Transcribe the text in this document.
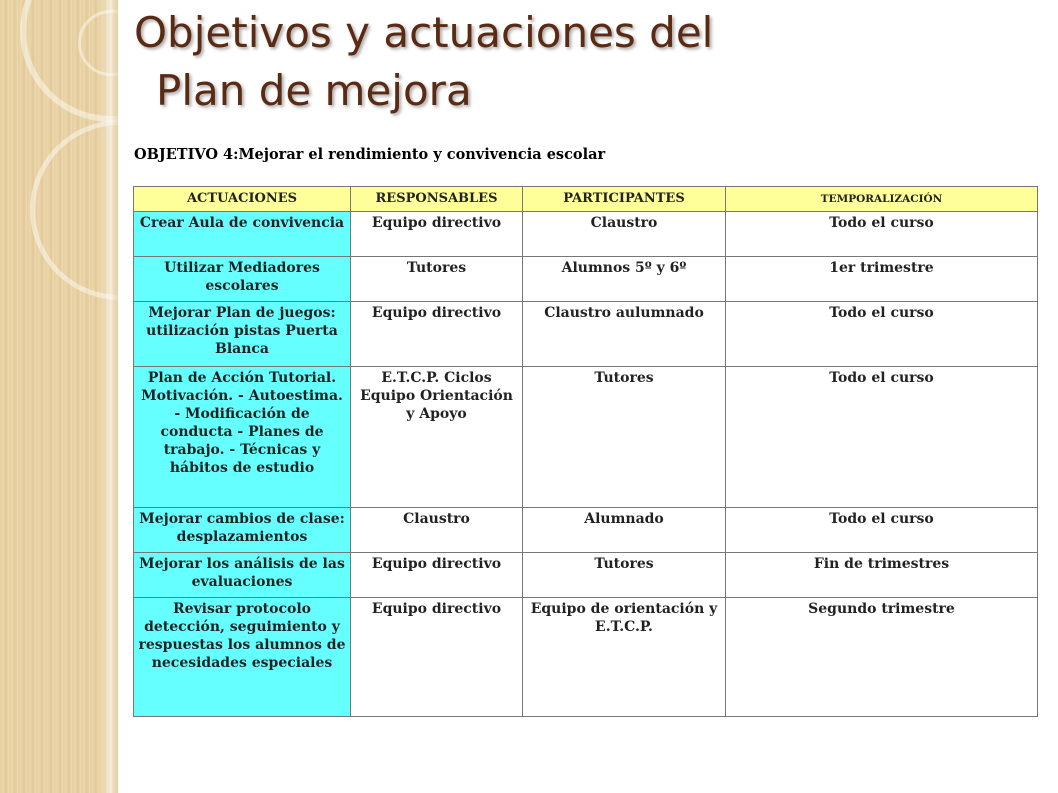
Objetivos y actuaciones del
Plan de mejora
OBJETIVO 4:Mejorar el rendimiento y convivencia escolar
ACTUACIONES	RESPONSABLES	PARTICIPANTES	TEMPORALIZACIÓN
Crear Aula de convivencia	Equipo directivo	Claustro	Todo el curso
Utilizar Mediadores escolares	Tutores	Alumnos 5º y 6º	1er trimestre
Mejorar Plan de juegos: utilización pistas Puerta Blanca	Equipo directivo	Claustro aulumnado	Todo el curso
Plan de Acción Tutorial. Motivación. - Autoestima. - Modificación de conducta - Planes de trabajo. - Técnicas y hábitos de estudio	E.T.C.P. Ciclos Equipo Orientación y Apoyo	Tutores	Todo el curso
Mejorar cambios de clase: desplazamientos	Claustro	Alumnado	Todo el curso
Mejorar los análisis de las evaluaciones	Equipo directivo	Tutores	Fin de trimestres
Revisar protocolo detección, seguimiento y respuestas los alumnos de necesidades especiales	Equipo directivo	Equipo de orientación y E.T.C.P.	Segundo trimestre
